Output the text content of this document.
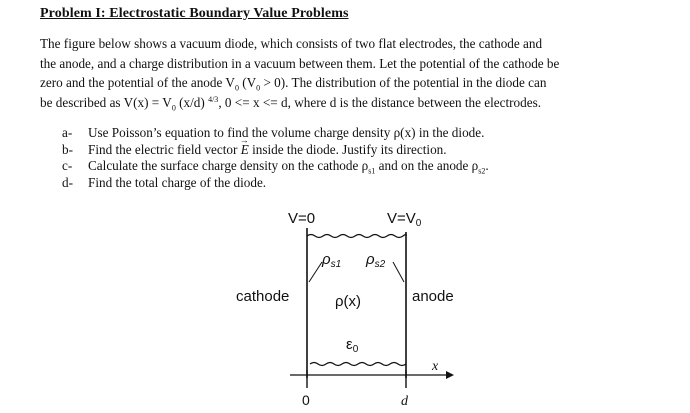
Problem I: Electrostatic Boundary Value Problems
The figure below shows a vacuum diode, which consists of two flat electrodes, the cathode and
the anode, and a charge distribution in a vacuum between them. Let the potential of the cathode be
zero and the potential of the anode $V_0$ $(V_0 > 0)$. The distribution of the potential in the diode can
be described as $V(x) = V_0$ (x/d) $^{4/3}$, 0 <= x <= d, where d is the distance between the electrodes.
a-	Use Poisson’s equation to find the volume charge density ρ(x) in the diode.
b-	Find the electric field vector → E inside the diode. Justify its direction.
c-	Calculate the surface charge density on the cathode $\rho_{s1}$ and on the anode $\rho_{s2}$.
d-	Find the total charge of the diode.
V=0	$V=V_0$
$\rho_{s1}$ $\rho_{s2}$
cathode	anode
ρ(x)
$\varepsilon_0$
x
0	d
